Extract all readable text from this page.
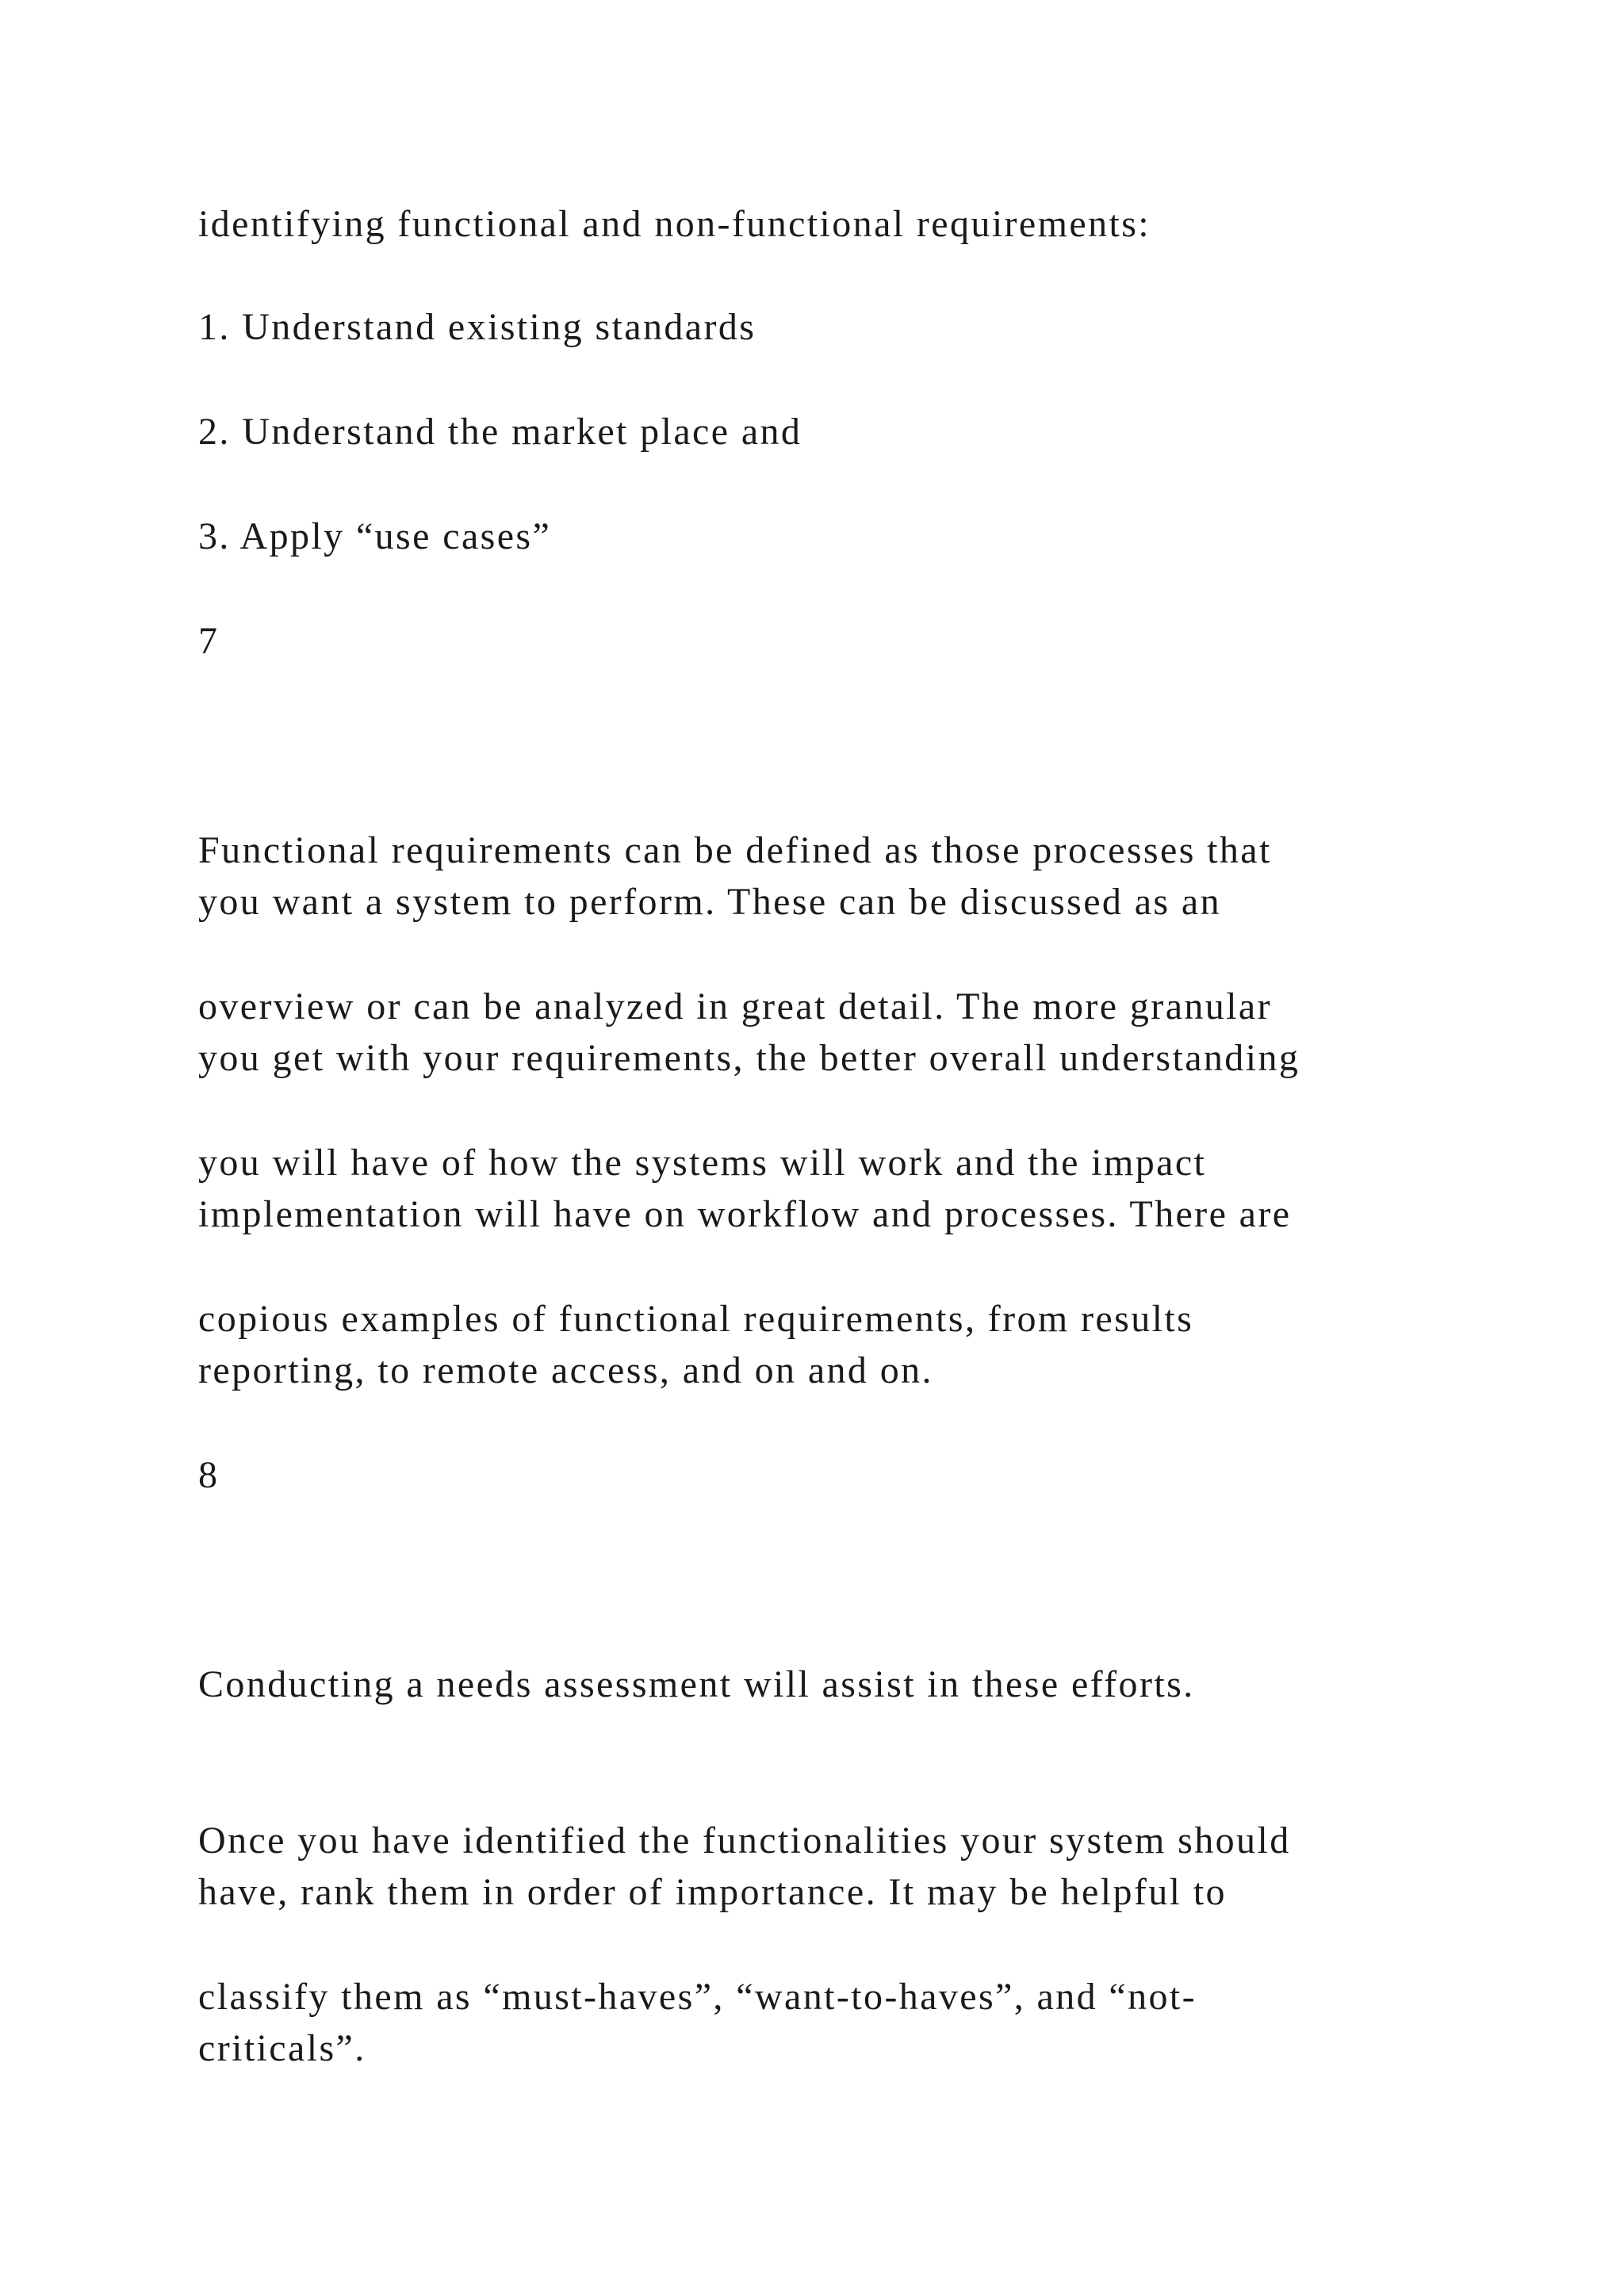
identifying functional and non-functional requirements:
1. Understand existing standards
2. Understand the market place and
3. Apply “use cases”
7
Functional requirements can be defined as those processes that
you want a system to perform. These can be discussed as an
overview or can be analyzed in great detail. The more granular
you get with your requirements, the better overall understanding
you will have of how the systems will work and the impact
implementation will have on workflow and processes. There are
copious examples of functional requirements, from results
reporting, to remote access, and on and on.
8
Conducting a needs assessment will assist in these efforts.
Once you have identified the functionalities your system should
have, rank them in order of importance. It may be helpful to
classify them as “must-haves”, “want-to-haves”, and “not-
criticals”.
